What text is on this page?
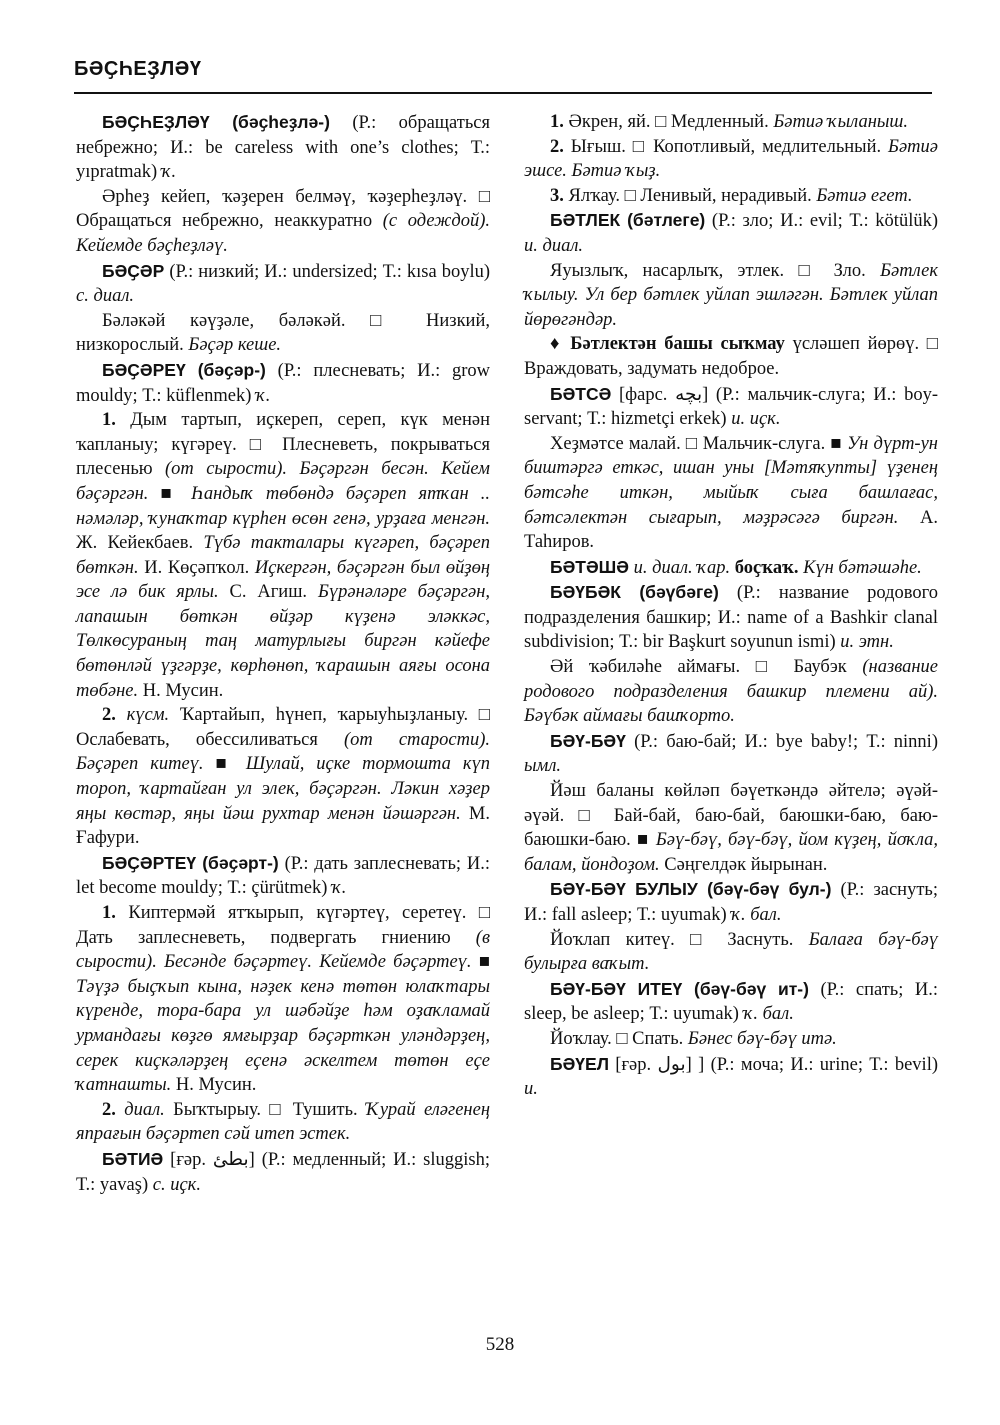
БӘҪҺЕҘЛӘҮ

БӘҪҺЕҘЛӘҮ (бәҫһеҙлә-) (Р.: обращаться небрежно; И.: be careless with one’s clothes; Т.: yıpratmak) ҡ.

Әрһеҙ кейеп, ҡәҙерен белмәү, ҡәҙерһеҙләү. □ Обращаться небрежно, неаккуратно (с одеждой). Кейемде бәҫһеҙләү.

БӘҪӘР (Р.: низкий; И.: undersized; Т.: kısa boylu) с. диал.

Бәләкәй кәүҙәле, бәләкәй. □ Низкий, низкорослый. Бәҫәр кеше.

БӘҪӘРЕҮ (бәҫәр-) (Р.: плесневать; И.: grow mouldy; Т.: küflenmek) ҡ.

1. Дым тартып, иҫкереп, сереп, күк менән ҡапланыу; күгәреү. □ Плесневеть, покрываться плесенью (от сырости). Бәҫәргән бесән. Кейем бәҫәргән. ■ Һандыҡ төбөндә бәҫәреп ятҡан .. нәмәләр, ҡунаҡтар күрһен өсөн генә, урҙаға менгән. Ж. Кейекбаев. Түбә такталары күгәреп, бәҫәреп бөткән. И. Көҫәпҡол. Иҫкергән, бәҫәргән был өйҙөң эсе лә бик ярлы. С. Агиш. Бүрәнәләре бәҫәргән, лапашын бөткән өйҙәр күҙенә эләккәс, Төлкөсураның таң матурлығы биргән кәйефе бөтөнләй үҙгәрҙе, көрһөнөп, ҡарашын аяғы осона төбәне. Н. Мусин.

2. күсм. Ҡартайып, һүнеп, ҡарыуһыҙланыу. □ Ослабевать, обессиливаться (от старости). Бәҫәреп китеү. ■ Шулай, иҫке тормошта күп тороп, ҡартайған ул элек, бәҫәргән. Ләкин хәҙер яңы көстәр, яңы йәш рухтар менән йәшәргән. М. Ғафури.

БӘҪӘРТЕҮ (бәҫәрт-) (Р.: дать заплесневать; И.: let become mouldy; Т.: çürütmek) ҡ.

1. Киптермәй ятҡырып, күгәртеү, серетеү. □ Дать заплесневеть, подвергать гниению (в сырости). Бесәнде бәҫәртеү. Кейемде бәҫәртеү. ■ Тәүҙә быҫҡып кына, нәҙек кенә төтөн юлаҡтары күренде, тора-бара ул шәбәйҙе һәм оҙаҡламай урмандағы көҙгө ямғырҙар бәҫәрткән уләндәрҙең, серек киҫкәләрҙең еҫенә әскелтем төтөн еҫе ҡатнашты. Н. Мусин.

2. диал. Быҡтырыу. □ Тушить. Ҡурай еләгенең япрағын бәҫәртеп сәй итеп эстек.

БӘТИӘ [ғәр. بطئ] (Р.: медленный; И.: sluggish; Т.: yavaş) с. иҫк.

1. Әкрен, яй. □ Медленный. Бәтиә ҡыланыш.

2. Ығыш. □ Копотливый, медлительный. Бәтиә эшсе. Бәтиә ҡыҙ.

3. Ялҡау. □ Ленивый, нерадивый. Бәтиә егет.

БӘТЛЕК (бәтлеге) (Р.: зло; И.: evil; Т.: kötülük) и. диал.

Яуызлыҡ, насарлыҡ, этлек. □ Зло. Бәтлек ҡылыу. Ул бер бәтлек уйлап эшләгән. Бәтлек уйлап йөрөгәндәр.

♦ Бәтлектән башы сыҡмау үсләшеп йөрөү. □ Враждовать, задумать недоброе.

БӘТСӘ [фарс. بچه] (Р.: мальчик-слуга; И.: boy-servant; Т.: hizmetçi erkek) и. иҫк.

Хеҙмәтсе малай. □ Мальчик-слуга. ■ Ун дүрт-ун биштәргә еткәс, ишан уны [Мәтяҡупты] үҙенең бәтсәһе иткән, мыйыҡ сыға башлағас, бәтсәлектән сығарып, мәҙрәсәгә биргән. А. Таһиров.

БӘТӘШӘ и. диал. ҡар. боҫҡаҡ. Күн бәтәшәһе.

БӘҮБӘК (бәүбәге) (Р.: название родового подразделения башкир; И.: name of a Bashkir clanal subdivision; Т.: bir Başkurt soyunun ismi) и. этн.

Әй ҡәбиләһе аймағы. □ Баубэк (название родового подразделения башкир племени ай). Бәүбәк аймағы башҡорто.

БӘҮ-БӘҮ (Р.: баю-бай; И.: bye baby!; Т.: ninni) ымл.

Йәш баланы көйләп бәүеткәндә әйтелә; әүәй-әүәй. □ Бай-бай, баю-бай, баюшки-баю, баю-баюшки-баю. ■ Бәү-бәү, бәү-бәү, йом күҙең, йоҡла, балам, йондоҙом. Сәңгелдәк йырынан.

БӘҮ-БӘҮ БУЛЫУ (бәү-бәү бул-) (Р.: заснуть; И.: fall asleep; Т.: uyumak) ҡ. бал.

Йоҡлап китеү. □ Заснуть. Балаға бәү-бәү булырға ваҡыт.

БӘҮ-БӘҮ ИТЕҮ (бәү-бәү ит-) (Р.: спать; И.: sleep, be asleep; Т.: uyumak) ҡ. бал.

Йоҡлау. □ Спать. Бәнес бәү-бәү итә.

БӘҮЕЛ [ғәр. بول] ] (Р.: моча; И.: urine; Т.: bevil) и.

528
